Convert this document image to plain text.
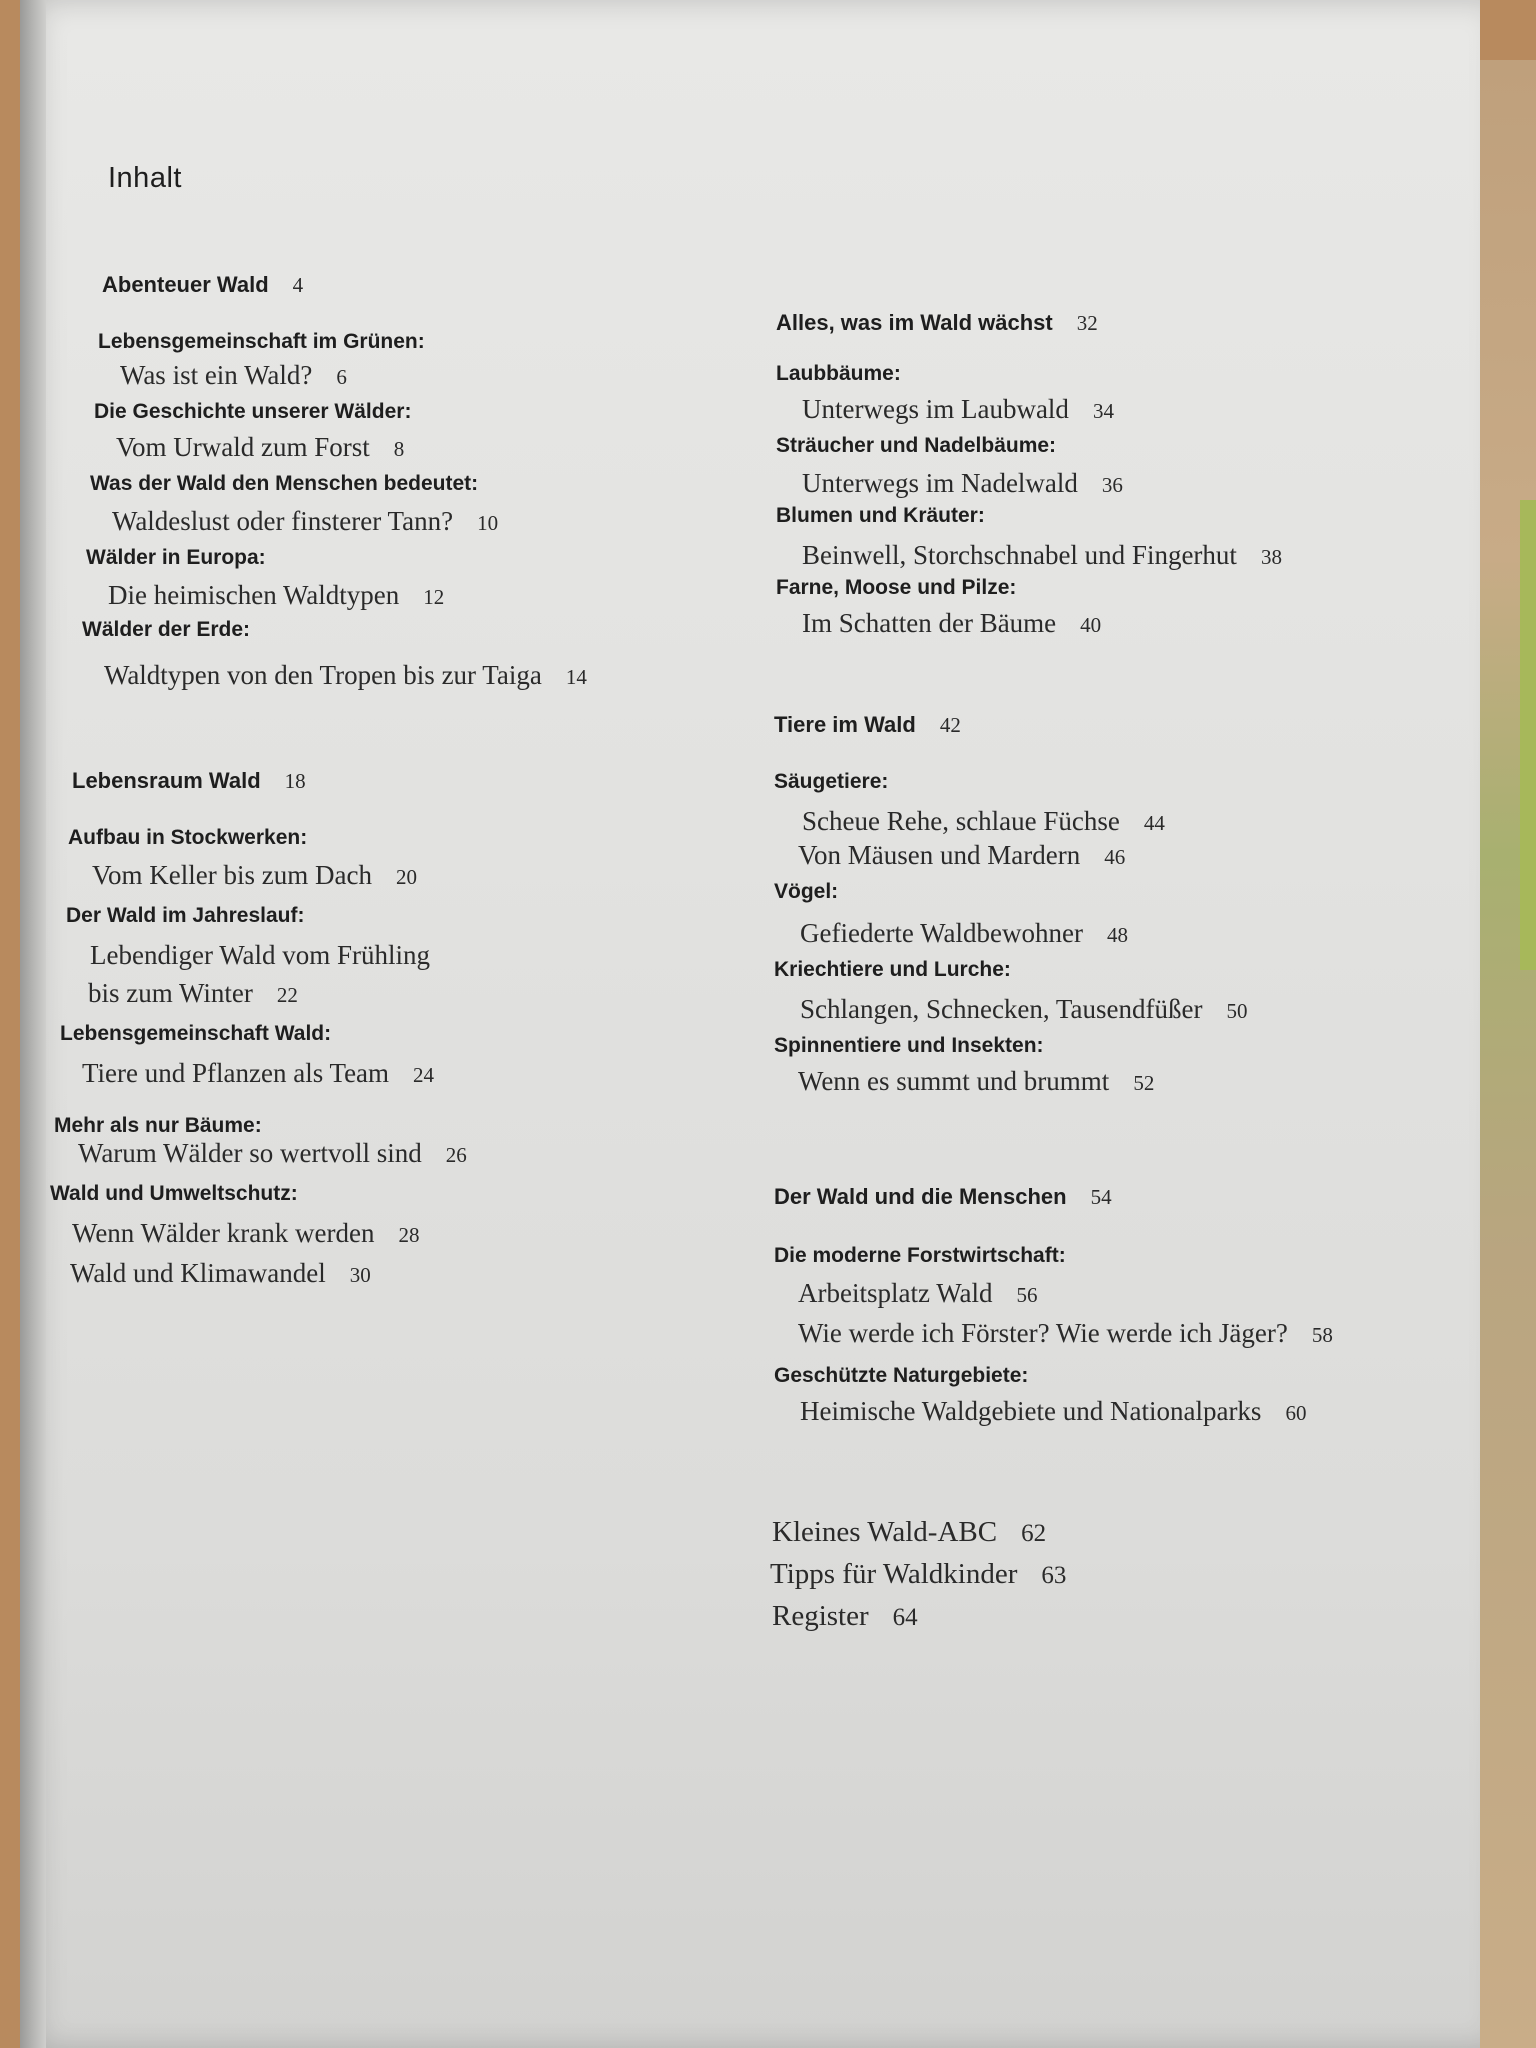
Inhalt
Abenteuer Wald 4
Lebensgemeinschaft im Grünen:
Was ist ein Wald? 6
Die Geschichte unserer Wälder:
Vom Urwald zum Forst 8
Was der Wald den Menschen bedeutet:
Waldeslust oder finsterer Tann? 10
Wälder in Europa:
Die heimischen Waldtypen 12
Wälder der Erde:
Waldtypen von den Tropen bis zur Taiga 14
Lebensraum Wald 18
Aufbau in Stockwerken:
Vom Keller bis zum Dach 20
Der Wald im Jahreslauf:
Lebendiger Wald vom Frühling
bis zum Winter 22
Lebensgemeinschaft Wald:
Tiere und Pflanzen als Team 24
Mehr als nur Bäume:
Warum Wälder so wertvoll sind 26
Wald und Umweltschutz:
Wenn Wälder krank werden 28
Wald und Klimawandel 30
Alles, was im Wald wächst 32
Laubbäume:
Unterwegs im Laubwald 34
Sträucher und Nadelbäume:
Unterwegs im Nadelwald 36
Blumen und Kräuter:
Beinwell, Storchschnabel und Fingerhut 38
Farne, Moose und Pilze:
Im Schatten der Bäume 40
Tiere im Wald 42
Säugetiere:
Scheue Rehe, schlaue Füchse 44
Von Mäusen und Mardern 46
Vögel:
Gefiederte Waldbewohner 48
Kriechtiere und Lurche:
Schlangen, Schnecken, Tausendfüßer 50
Spinnentiere und Insekten:
Wenn es summt und brummt 52
Der Wald und die Menschen 54
Die moderne Forstwirtschaft:
Arbeitsplatz Wald 56
Wie werde ich Förster? Wie werde ich Jäger? 58
Geschützte Naturgebiete:
Heimische Waldgebiete und Nationalparks 60
Kleines Wald-ABC 62
Tipps für Waldkinder 63
Register 64
